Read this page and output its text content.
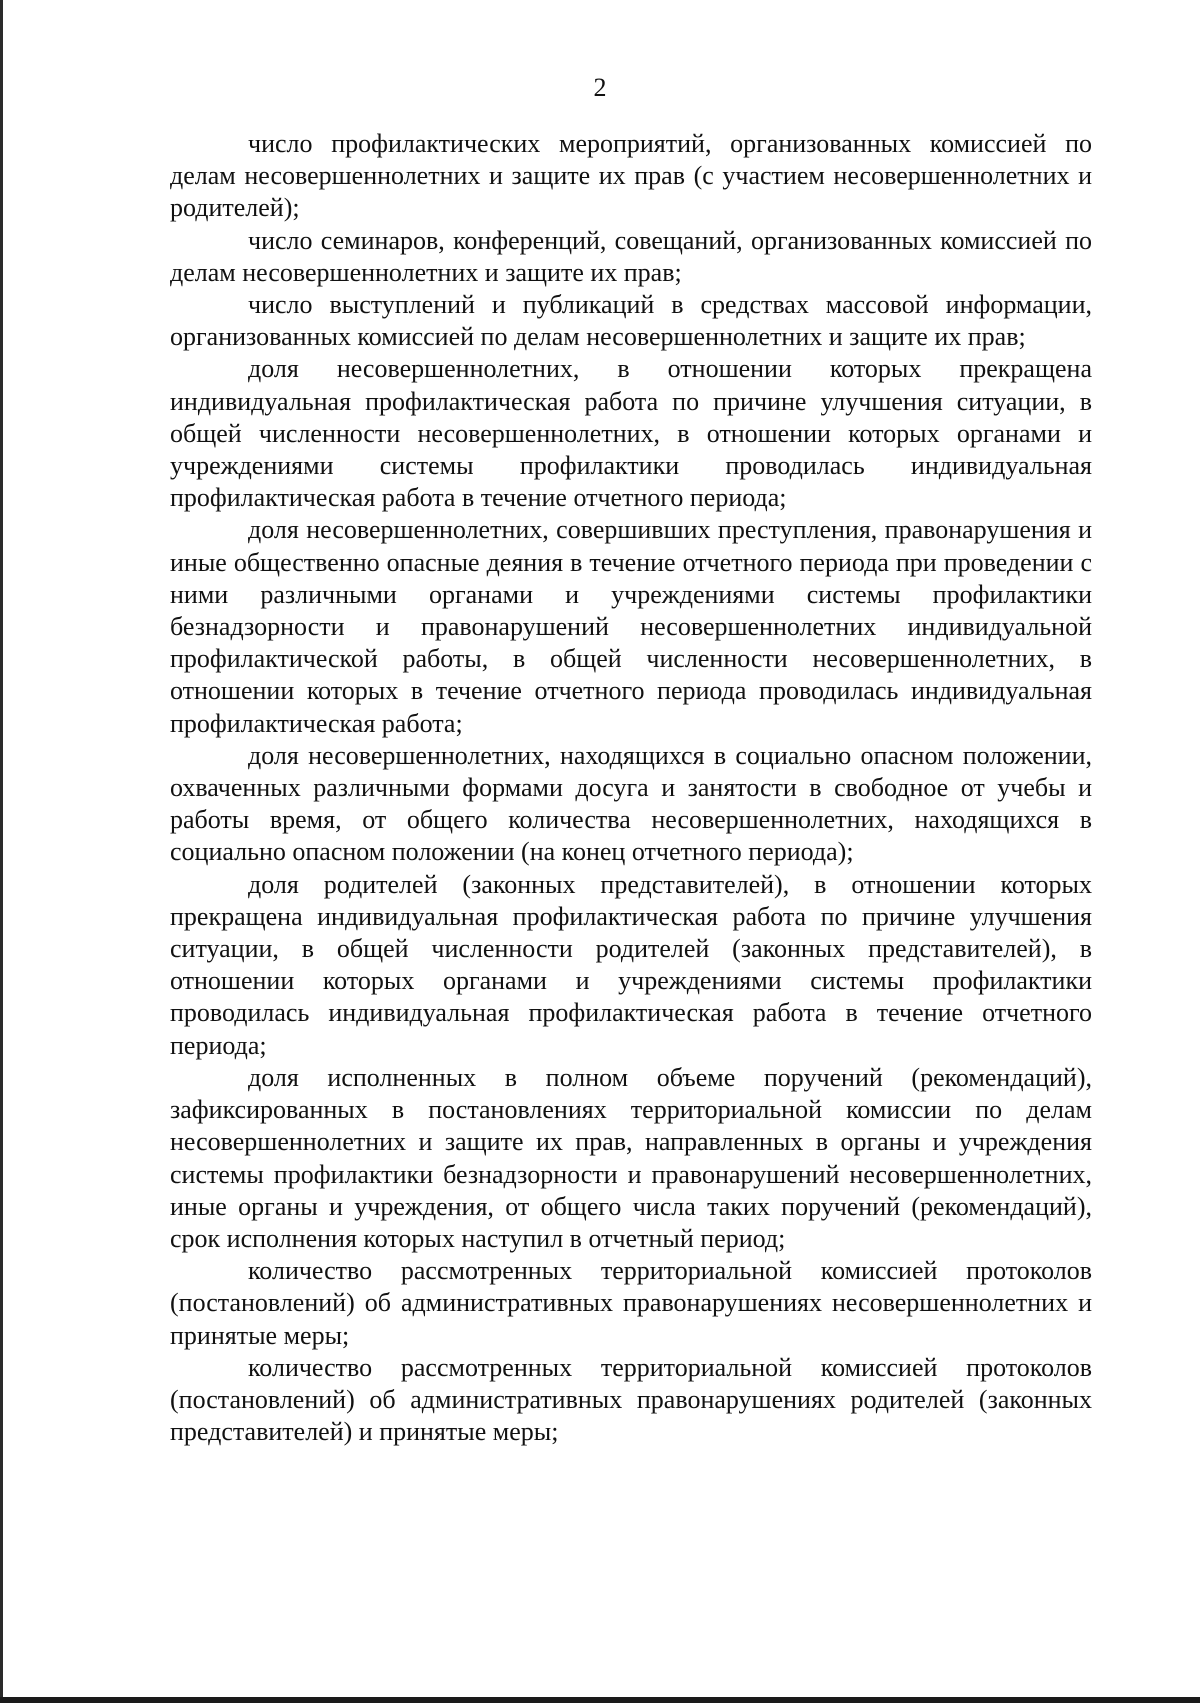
2

число профилактических мероприятий, организованных комиссией по делам несовершеннолетних и защите их прав (с участием несовершеннолетних и родителей);

число семинаров, конференций, совещаний, организованных комиссией по делам несовершеннолетних и защите их прав;

число выступлений и публикаций в средствах массовой информации, организованных комиссией по делам несовершеннолетних и защите их прав;

доля несовершеннолетних, в отношении которых прекращена индивидуальная профилактическая работа по причине улучшения ситуации, в общей численности несовершеннолетних, в отношении которых органами и учреждениями системы профилактики проводилась индивидуальная профилактическая работа в течение отчетного периода;

доля несовершеннолетних, совершивших преступления, правонарушения и иные общественно опасные деяния в течение отчетного периода при проведении с ними различными органами и учреждениями системы профилактики безнадзорности и правонарушений несовершеннолетних индивидуальной профилактической работы, в общей численности несовершеннолетних, в отношении которых в течение отчетного периода проводилась индивидуальная профилактическая работа;

доля несовершеннолетних, находящихся в социально опасном положении, охваченных различными формами досуга и занятости в свободное от учебы и работы время, от общего количества несовершеннолетних, находящихся в социально опасном положении (на конец отчетного периода);

доля родителей (законных представителей), в отношении которых прекращена индивидуальная профилактическая работа по причине улучшения ситуации, в общей численности родителей (законных представителей), в отношении которых органами и учреждениями системы профилактики проводилась индивидуальная профилактическая работа в течение отчетного периода;

доля исполненных в полном объеме поручений (рекомендаций), зафиксированных в постановлениях территориальной комиссии по делам несовершеннолетних и защите их прав, направленных в органы и учреждения системы профилактики безнадзорности и правонарушений несовершеннолетних, иные органы и учреждения, от общего числа таких поручений (рекомендаций), срок исполнения которых наступил в отчетный период;

количество рассмотренных территориальной комиссией протоколов (постановлений) об административных правонарушениях несовершеннолетних и принятые меры;

количество рассмотренных территориальной комиссией протоколов (постановлений) об административных правонарушениях родителей (законных представителей) и принятые меры;
